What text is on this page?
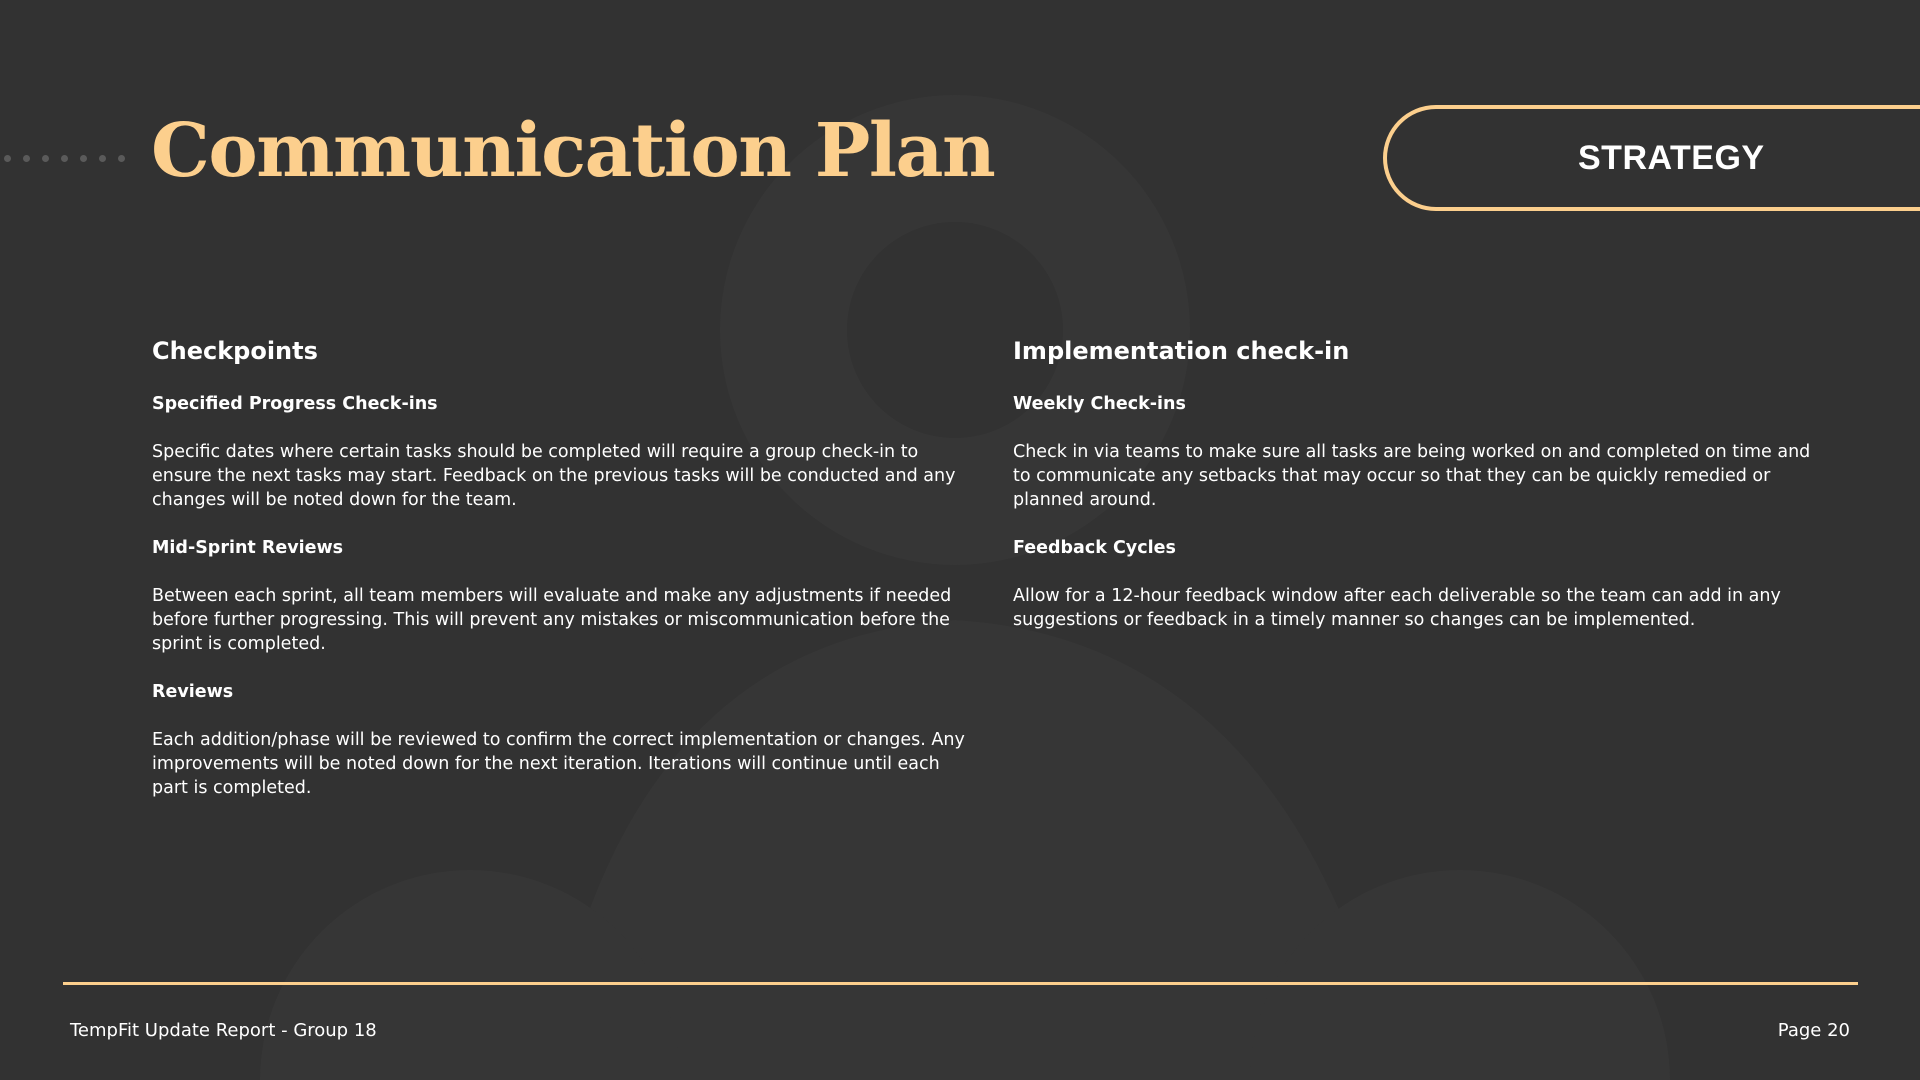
Communication Plan	STRATEGY
Checkpoints
Specified Progress Check-ins

Specific dates where certain tasks should be completed will require a group check-in to ensure the next tasks may start. Feedback on the previous tasks will be conducted and any changes will be noted down for the team.

Mid-Sprint Reviews

Between each sprint, all team members will evaluate and make any adjustments if needed before further progressing. This will prevent any mistakes or miscommunication before the sprint is completed.

Reviews

Each addition/phase will be reviewed to confirm the correct implementation or changes. Any improvements will be noted down for the next iteration. Iterations will continue until each part is completed.

Implementation check-in
Weekly Check-ins

Check in via teams to make sure all tasks are being worked on and completed on time and to communicate any setbacks that may occur so that they can be quickly remedied or planned around.

Feedback Cycles

Allow for a 12-hour feedback window after each deliverable so the team can add in any suggestions or feedback in a timely manner so changes can be implemented.

TempFit Update Report - Group 18	Page 20
